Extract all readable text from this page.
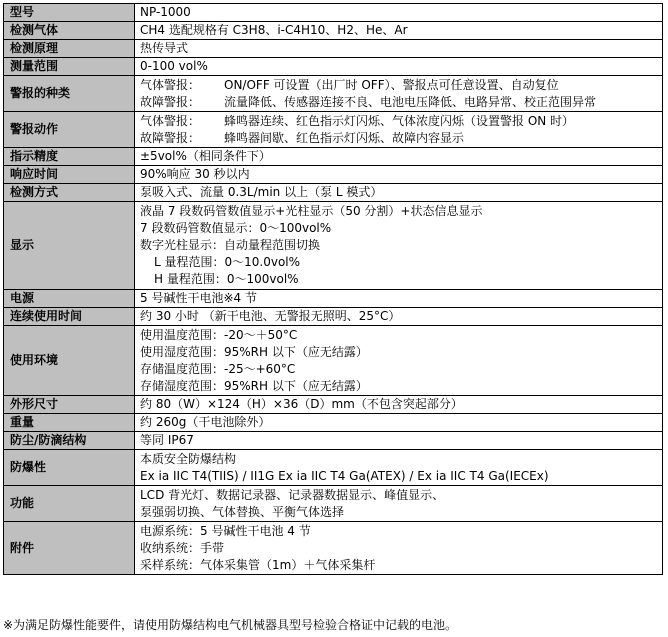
型号	NP-1000
检测气体	CH4 选配规格有 C3H8、i-C4H10、H2、He、Ar
检测原理	热传导式
测量范围	0-100 vol%
警报的种类	气体警报： ON/OFF 可设置（出厂时 OFF）、警报点可任意设置、自动复位
故障警报： 流量降低、传感器连接不良、电池电压降低、电路异常、校正范围异常

警报动作	气体警报： 蜂鸣器连续、红色指示灯闪烁、气体浓度闪烁（设置警报 ON 时）
故障警报： 蜂鸣器间歇、红色指示灯闪烁、故障内容显示

指示精度	±5vol%（相同条件下）
响应时间	90%响应 30 秒以内
检测方式	泵吸入式、流量 0.3L/min 以上（泵 L 模式）
显示	液晶 7 段数码管数值显示+光柱显示（50 分割）+状态信息显示
7 段数码管数值显示：0～100vol%
数字光柱显示：自动量程范围切换
L 量程范围：0～10.0vol%
H 量程范围：0～100vol%

电源	5 号碱性干电池※4 节
连续使用时间	约 30 小时 （新干电池、无警报无照明、25°C）
使用环境	使用温度范围：-20～＋50°C
使用湿度范围：95%RH 以下（应无结露）
存储温度范围：-25～+60°C
存储湿度范围：95%RH 以下（应无结露）

外形尺寸	约 80（W）×124（H）×36（D）mm（不包含突起部分）
重量	约 260g（干电池除外）
防尘/防滴结构	等同 IP67
防爆性	本质安全防爆结构
Ex ia IIC T4(TIIS) / II1G Ex ia IIC T4 Ga(ATEX) / Ex ia IIC T4 Ga(IECEx)

功能	LCD 背光灯、数据记录器、记录器数据显示、峰值显示、
泵强弱切换、气体替换、平衡气体选择

附件	电源系统：5 号碱性干电池 4 节
收纳系统：手带
采样系统：气体采集管（1m）＋气体采集杆
※为满足防爆性能要件，请使用防爆结构电气机械器具型号检验合格证中记载的电池。
